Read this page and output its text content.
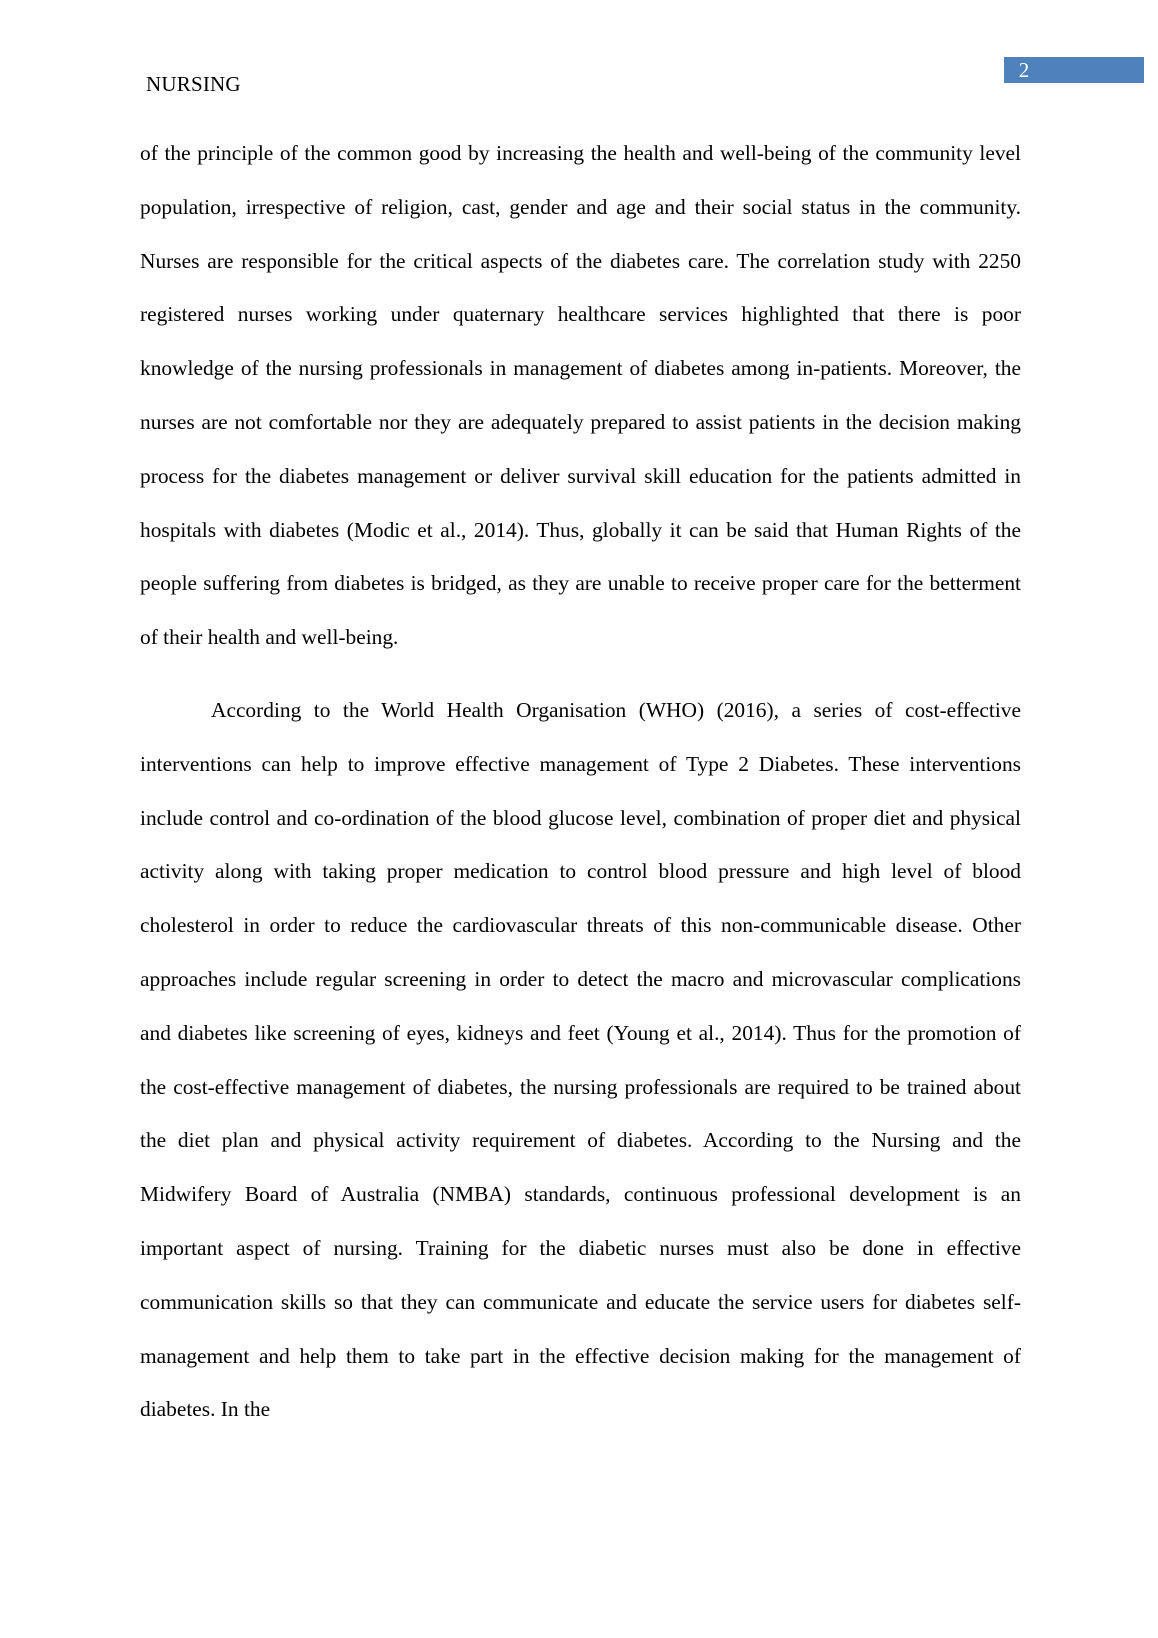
2
NURSING

of the principle of the common good by increasing the health and well-being of the community level population, irrespective of religion, cast, gender and age and their social status in the community. Nurses are responsible for the critical aspects of the diabetes care. The correlation study with 2250 registered nurses working under quaternary healthcare services highlighted that there is poor knowledge of the nursing professionals in management of diabetes among in-patients. Moreover, the nurses are not comfortable nor they are adequately prepared to assist patients in the decision making process for the diabetes management or deliver survival skill education for the patients admitted in hospitals with diabetes (Modic et al., 2014). Thus, globally it can be said that Human Rights of the people suffering from diabetes is bridged, as they are unable to receive proper care for the betterment of their health and well-being.

According to the World Health Organisation (WHO) (2016), a series of cost-effective interventions can help to improve effective management of Type 2 Diabetes. These interventions include control and co-ordination of the blood glucose level, combination of proper diet and physical activity along with taking proper medication to control blood pressure and high level of blood cholesterol in order to reduce the cardiovascular threats of this non-communicable disease. Other approaches include regular screening in order to detect the macro and microvascular complications and diabetes like screening of eyes, kidneys and feet (Young et al., 2014). Thus for the promotion of the cost-effective management of diabetes, the nursing professionals are required to be trained about the diet plan and physical activity requirement of diabetes. According to the Nursing and the Midwifery Board of Australia (NMBA) standards, continuous professional development is an important aspect of nursing. Training for the diabetic nurses must also be done in effective communication skills so that they can communicate and educate the service users for diabetes self-management and help them to take part in the effective decision making for the management of diabetes. In the
